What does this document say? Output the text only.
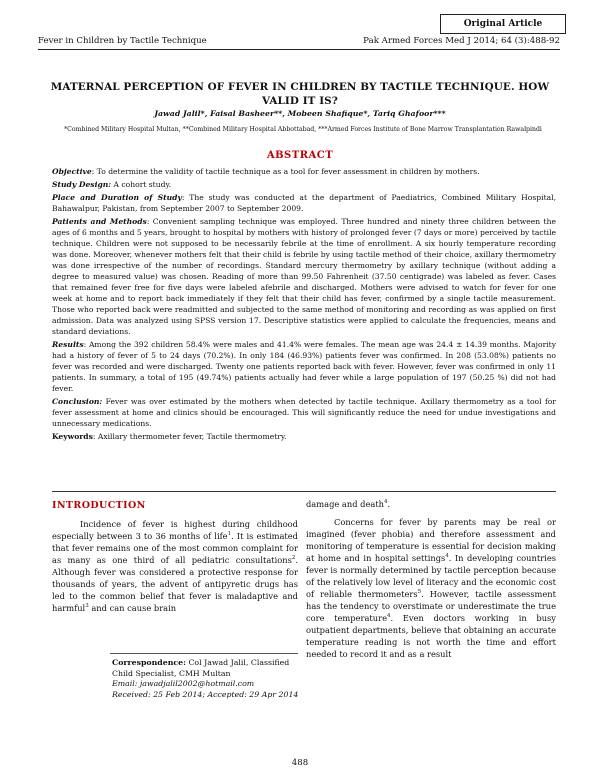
Original Article
Fever in Children by Tactile Technique	Pak Armed Forces Med J 2014; 64 (3):488-92
MATERNAL PERCEPTION OF FEVER IN CHILDREN BY TACTILE TECHNIQUE. HOW VALID IT IS?
Jawad Jalil*, Faisal Basheer**, Mobeen Shafique*, Tariq Ghafoor***
*Combined Military Hospital Multan, **Combined Military Hospital Abbottabad, ***Armed Forces Institute of Bone Marrow Transplantation Rawalpindi
ABSTRACT

Objective: To determine the validity of tactile technique as a tool for fever assessment in children by mothers.

Study Design: A cohort study.

Place and Duration of Study: The study was conducted at the department of Paediatrics, Combined Military Hospital, Bahawalpur, Pakistan, from September 2007 to September 2009.

Patients and Methods: Convenient sampling technique was employed. Three hundred and ninety three children between the ages of 6 months and 5 years, brought to hospital by mothers with history of prolonged fever (7 days or more) perceived by tactile technique. Children were not supposed to be necessarily febrile at the time of enrollment. A six hourly temperature recording was done. Moreover, whenever mothers felt that their child is febrile by using tactile method of their choice, axillary thermometry was done irrespective of the number of recordings. Standard mercury thermometry by axillary technique (without adding a degree to measured value) was chosen. Reading of more than 99.50 Fahrenheit (37.50 centigrade) was labeled as fever. Cases that remained fever free for five days were labeled afebrile and discharged. Mothers were advised to watch for fever for one week at home and to report back immediately if they felt that their child has fever, confirmed by a single tactile measurement. Those who reported back were readmitted and subjected to the same method of monitoring and recording as was applied on first admission. Data was analyzed using SPSS version 17. Descriptive statistics were applied to calculate the frequencies, means and standard deviations.

Results: Among the 392 children 58.4% were males and 41.4% were females. The mean age was 24.4 ± 14.39 months. Majority had a history of fever of 5 to 24 days (70.2%). In only 184 (46.93%) patients fever was confirmed. In 208 (53.08%) patients no fever was recorded and were discharged. Twenty one patients reported back with fever. However, fever was confirmed in only 11 patients. In summary, a total of 195 (49.74%) patients actually had fever while a large population of 197 (50.25 %) did not had fever.

Conclusion: Fever was over estimated by the mothers when detected by tactile technique. Axillary thermometry as a tool for fever assessment at home and clinics should be encouraged. This will significantly reduce the need for undue investigations and unnecessary medications.

Keywords: Axillary thermometer fever, Tactile thermometry.

INTRODUCTION

Incidence of fever is highest during childhood especially between 3 to 36 months of life$^1$. It is estimated that fever remains one of the most common complaint for as many as one third of all pediatric consultations$^2$. Although fever was considered a protective response for thousands of years, the advent of antipyretic drugs has led to the common belief that fever is maladaptive and harmful$^3$ and can cause brain

Correspondence: Col Jawad Jalil, Classified Child Specialist, CMH Multan
Email: jawadjalil2002@hotmail.com
Received: 25 Feb 2014; Accepted: 29 Apr 2014

damage and death$^4$.

Concerns for fever by parents may be real or imagined (fever phobia) and therefore assessment and monitoring of temperature is essential for decision making at home and in hospital settings$^4$. In developing countries fever is normally determined by tactile perception because of the relatively low level of literacy and the economic cost of reliable thermometers$^5$. However, tactile assessment has the tendency to overstimate or underestimate the true core temperature$^4$. Even doctors working in busy outpatient departments, believe that obtaining an accurate temperature reading is not worth the time and effort needed to record it and as a result

488
